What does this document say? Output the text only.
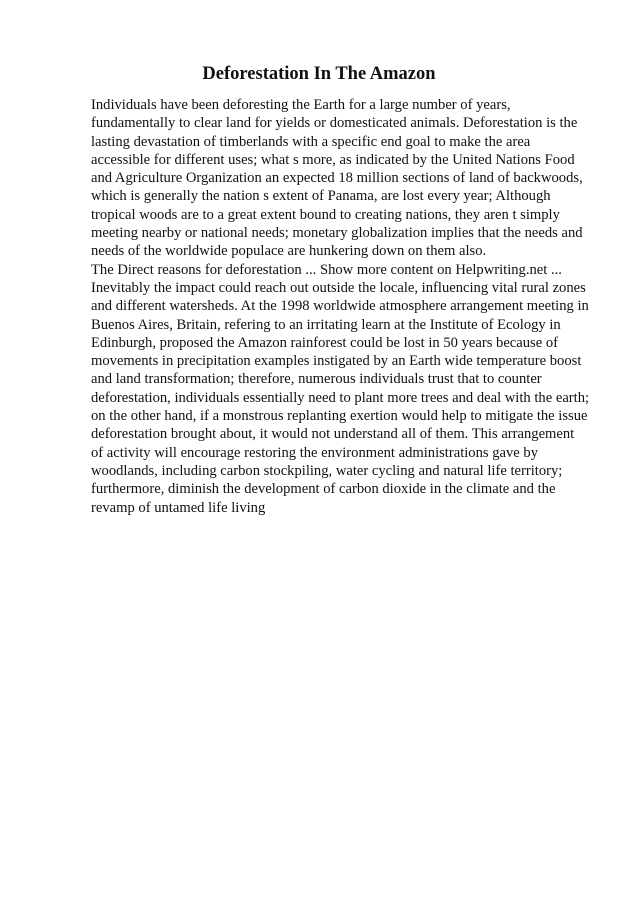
Deforestation In The Amazon
Individuals have been deforesting the Earth for a large number of years,
fundamentally to clear land for yields or domesticated animals. Deforestation is the
lasting devastation of timberlands with a specific end goal to make the area
accessible for different uses; what s more, as indicated by the United Nations Food
and Agriculture Organization an expected 18 million sections of land of backwoods,
which is generally the nation s extent of Panama, are lost every year; Although
tropical woods are to a great extent bound to creating nations, they aren t simply
meeting nearby or national needs; monetary globalization implies that the needs and
needs of the worldwide populace are hunkering down on them also.
The Direct reasons for deforestation ... Show more content on Helpwriting.net ...
Inevitably the impact could reach out outside the locale, influencing vital rural zones
and different watersheds. At the 1998 worldwide atmosphere arrangement meeting in
Buenos Aires, Britain, refering to an irritating learn at the Institute of Ecology in
Edinburgh, proposed the Amazon rainforest could be lost in 50 years because of
movements in precipitation examples instigated by an Earth wide temperature boost
and land transformation; therefore, numerous individuals trust that to counter
deforestation, individuals essentially need to plant more trees and deal with the earth;
on the other hand, if a monstrous replanting exertion would help to mitigate the issue
deforestation brought about, it would not understand all of them. This arrangement
of activity will encourage restoring the environment administrations gave by
woodlands, including carbon stockpiling, water cycling and natural life territory;
furthermore, diminish the development of carbon dioxide in the climate and the
revamp of untamed life living
